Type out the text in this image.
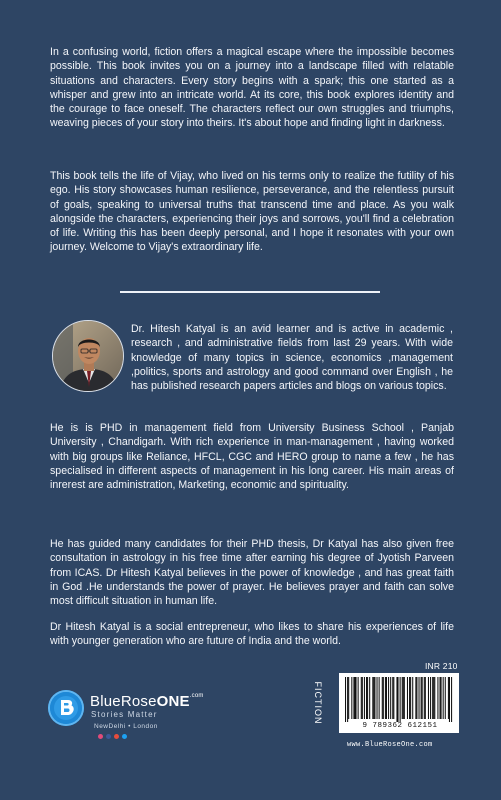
In a confusing world, fiction offers a magical escape where the impossible becomes possible. This book invites you on a journey into a landscape filled with relatable situations and characters. Every story begins with a spark; this one started as a whisper and grew into an intricate world. At its core, this book explores identity and the courage to face oneself. The characters reflect our own struggles and triumphs, weaving pieces of your story into theirs. It's about hope and finding light in darkness.

This book tells the life of Vijay, who lived on his terms only to realize the futility of his ego. His story showcases human resilience, perseverance, and the relentless pursuit of goals, speaking to universal truths that transcend time and place. As you walk alongside the characters, experiencing their joys and sorrows, you'll find a celebration of life. Writing this has been deeply personal, and I hope it resonates with your own journey. Welcome to Vijay's extraordinary life.

Dr. Hitesh Katyal is an avid learner and is active in academic , research , and administrative fields from last 29 years. With wide knowledge of many topics in science, economics ,management ,politics, sports and astrology and good command over English , he has published research papers articles and blogs on various topics.

He is is PHD in management field from University Business School , Panjab University , Chandigarh. With rich experience in man-management , having worked with big groups like Reliance, HFCL, CGC and HERO group to name a few , he has specialised in different aspects of management in his long career. His main areas of inrerest are administration, Marketing, economic and spirituality.

He has guided many candidates for their PHD thesis, Dr Katyal has also given free consultation in astrology in his free time after earning his degree of Jyotish Parveen from ICAS. Dr Hitesh Katyal believes in the power of knowledge , and has great faith in God .He understands the power of prayer. He believes prayer and faith can solve most difficult situation in human life.

Dr Hitesh Katyal is a social entrepreneur, who likes to share his experiences of life with younger generation who are future of India and the world.

BlueRoseONE$^{.com}$
Stories Matter
NewDelhi • London
FICTION
INR 210
9 789362 612151
www.BlueRoseOne.com
